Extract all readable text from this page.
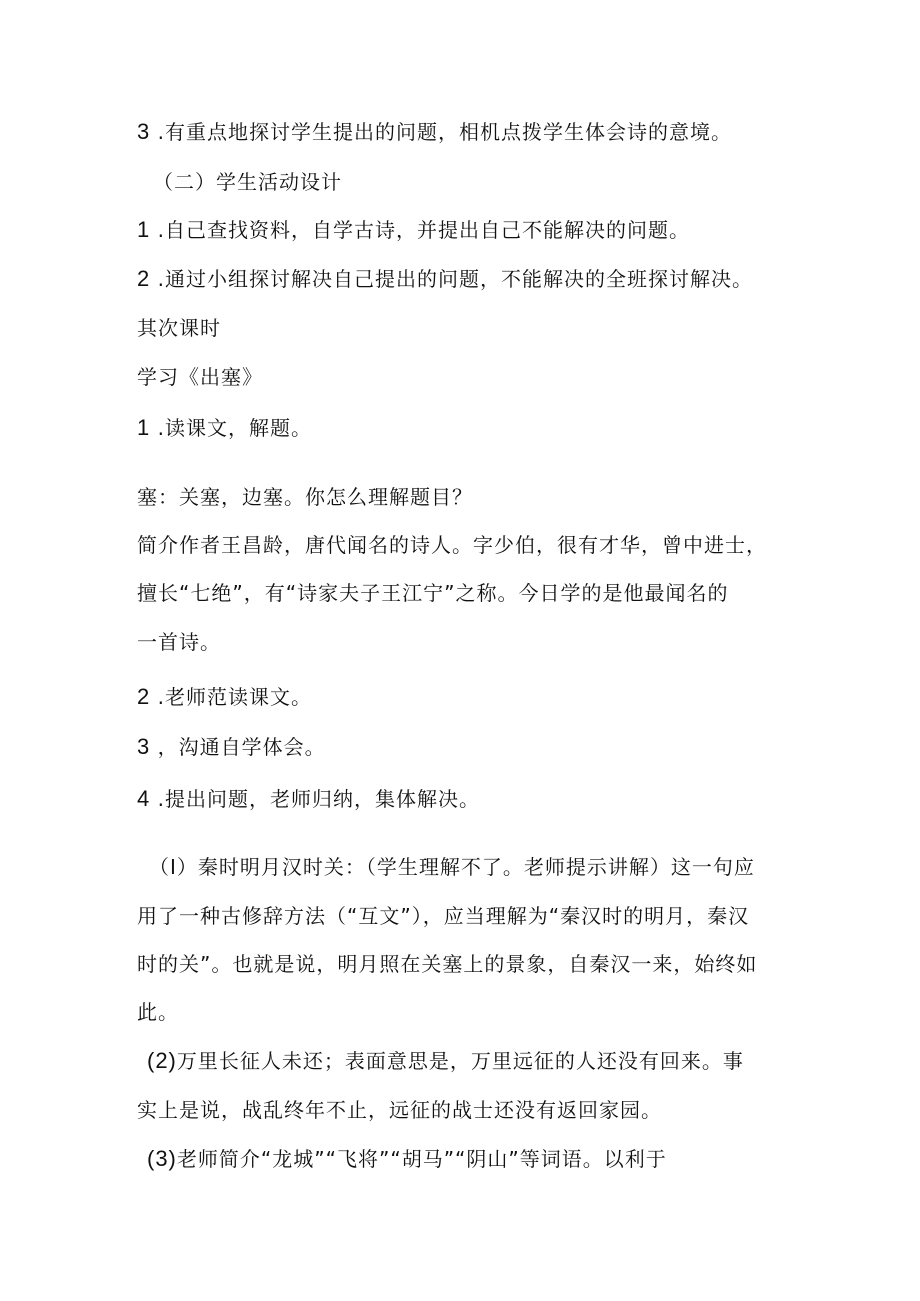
3 .有重点地探讨学生提出的问题，相机点拨学生体会诗的意境。
（二）学生活动设计
1 .自己查找资料，自学古诗，并提出自己不能解决的问题。
2 .通过小组探讨解决自己提出的问题，不能解决的全班探讨解决。
其次课时
学习《出塞》
1 .读课文，解题。
塞：关塞，边塞。你怎么理解题目？
简介作者王昌龄，唐代闻名的诗人。字少伯，很有才华，曾中进士，
擅长“七绝”，有“诗家夫子王江宁”之称。今日学的是他最闻名的
一首诗。
2 .老师范读课文。
3 ，沟通自学体会。
4 .提出问题，老师归纳，集体解决。
（I）秦时明月汉时关：（学生理解不了。老师提示讲解）这一句应
用了一种古修辞方法（“互文”），应当理解为“秦汉时的明月，秦汉
时的关”。也就是说，明月照在关塞上的景象，自秦汉一来，始终如
此。
(2)万里长征人未还；表面意思是，万里远征的人还没有回来。事
实上是说，战乱终年不止，远征的战士还没有返回家园。
(3)老师简介“龙城”“飞将”“胡马”“阴山”等词语。以利于
